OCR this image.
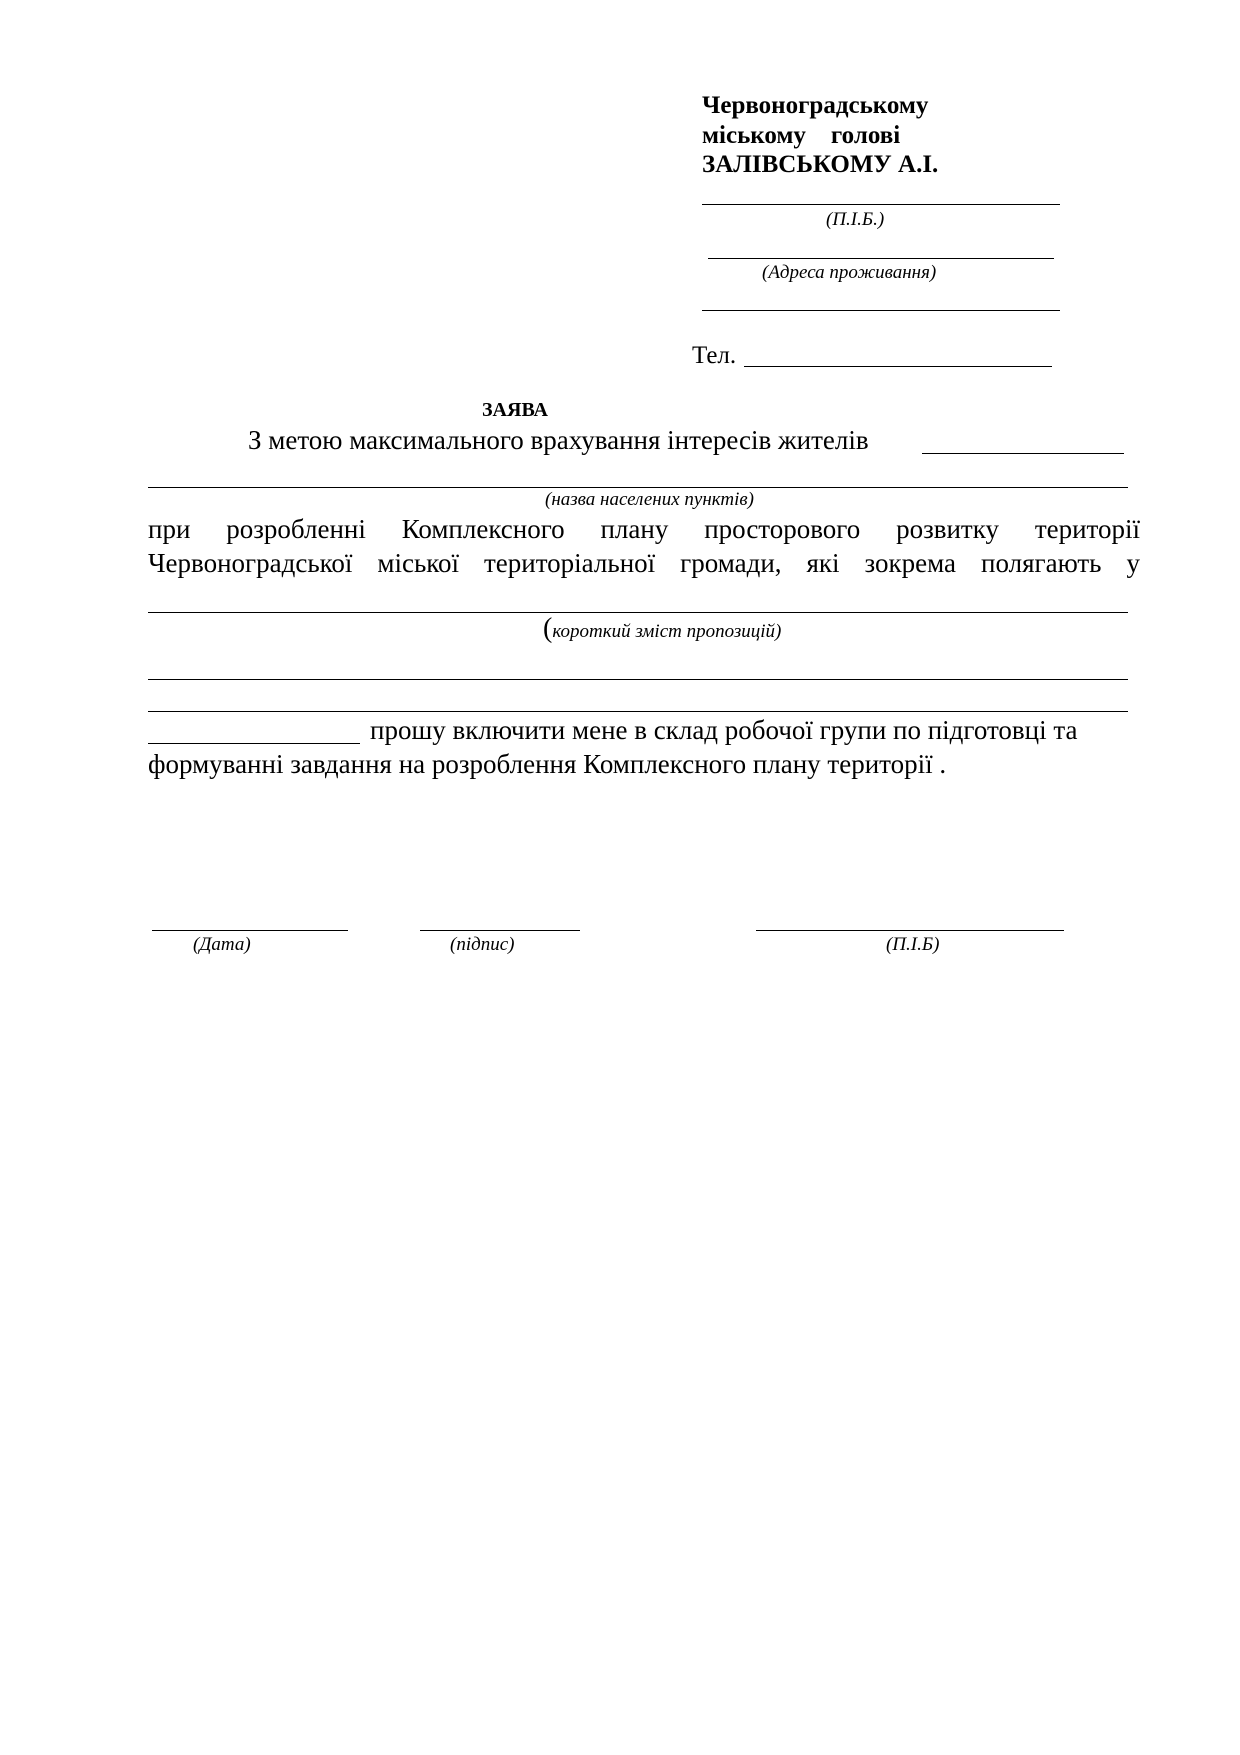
Червоноградському
міському    голові
ЗАЛІВСЬКОМУ А.І.
(П.І.Б.)
(Адреса проживання)
Тел.
ЗАЯВА
З метою максимального врахування інтересів жителів
(назва населених пунктів)

при розробленні Комплексного плану просторового розвитку території

Червоноградської міської територіальної громади, які зокрема полягають у

(короткий зміст пропозицій)
прошу включити мене в склад робочої групи по підготовці та
формуванні завдання на розроблення Комплексного плану території .
(Дата)	(підпис)	(П.І.Б)
